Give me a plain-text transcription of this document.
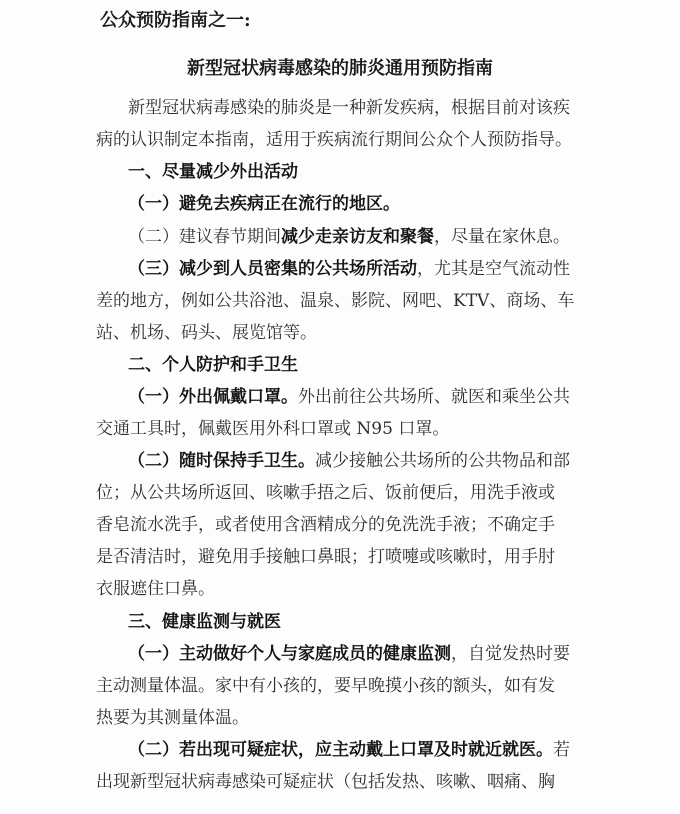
公众预防指南之一:
新型冠状病毒感染的肺炎通用预防指南
新型冠状病毒感染的肺炎是一种新发疾病，根据目前对该疾
病的认识制定本指南，适用于疾病流行期间公众个人预防指导。
一、尽量减少外出活动
（一）避免去疾病正在流行的地区。
（二）建议春节期间减少走亲访友和聚餐，尽量在家休息。
（三）减少到人员密集的公共场所活动，尤其是空气流动性
差的地方，例如公共浴池、温泉、影院、网吧、KTV、商场、车
站、机场、码头、展览馆等。
二、个人防护和手卫生
（一）外出佩戴口罩。外出前往公共场所、就医和乘坐公共
交通工具时，佩戴医用外科口罩或 N95 口罩。
（二）随时保持手卫生。减少接触公共场所的公共物品和部
位；从公共场所返回、咳嗽手捂之后、饭前便后，用洗手液或
香皂流水洗手，或者使用含酒精成分的免洗洗手液；不确定手
是否清洁时，避免用手接触口鼻眼；打喷嚏或咳嗽时，用手肘
衣服遮住口鼻。
三、健康监测与就医
（一）主动做好个人与家庭成员的健康监测，自觉发热时要
主动测量体温。家中有小孩的，要早晚摸小孩的额头，如有发
热要为其测量体温。
（二）若出现可疑症状，应主动戴上口罩及时就近就医。若
出现新型冠状病毒感染可疑症状（包括发热、咳嗽、咽痛、胸
